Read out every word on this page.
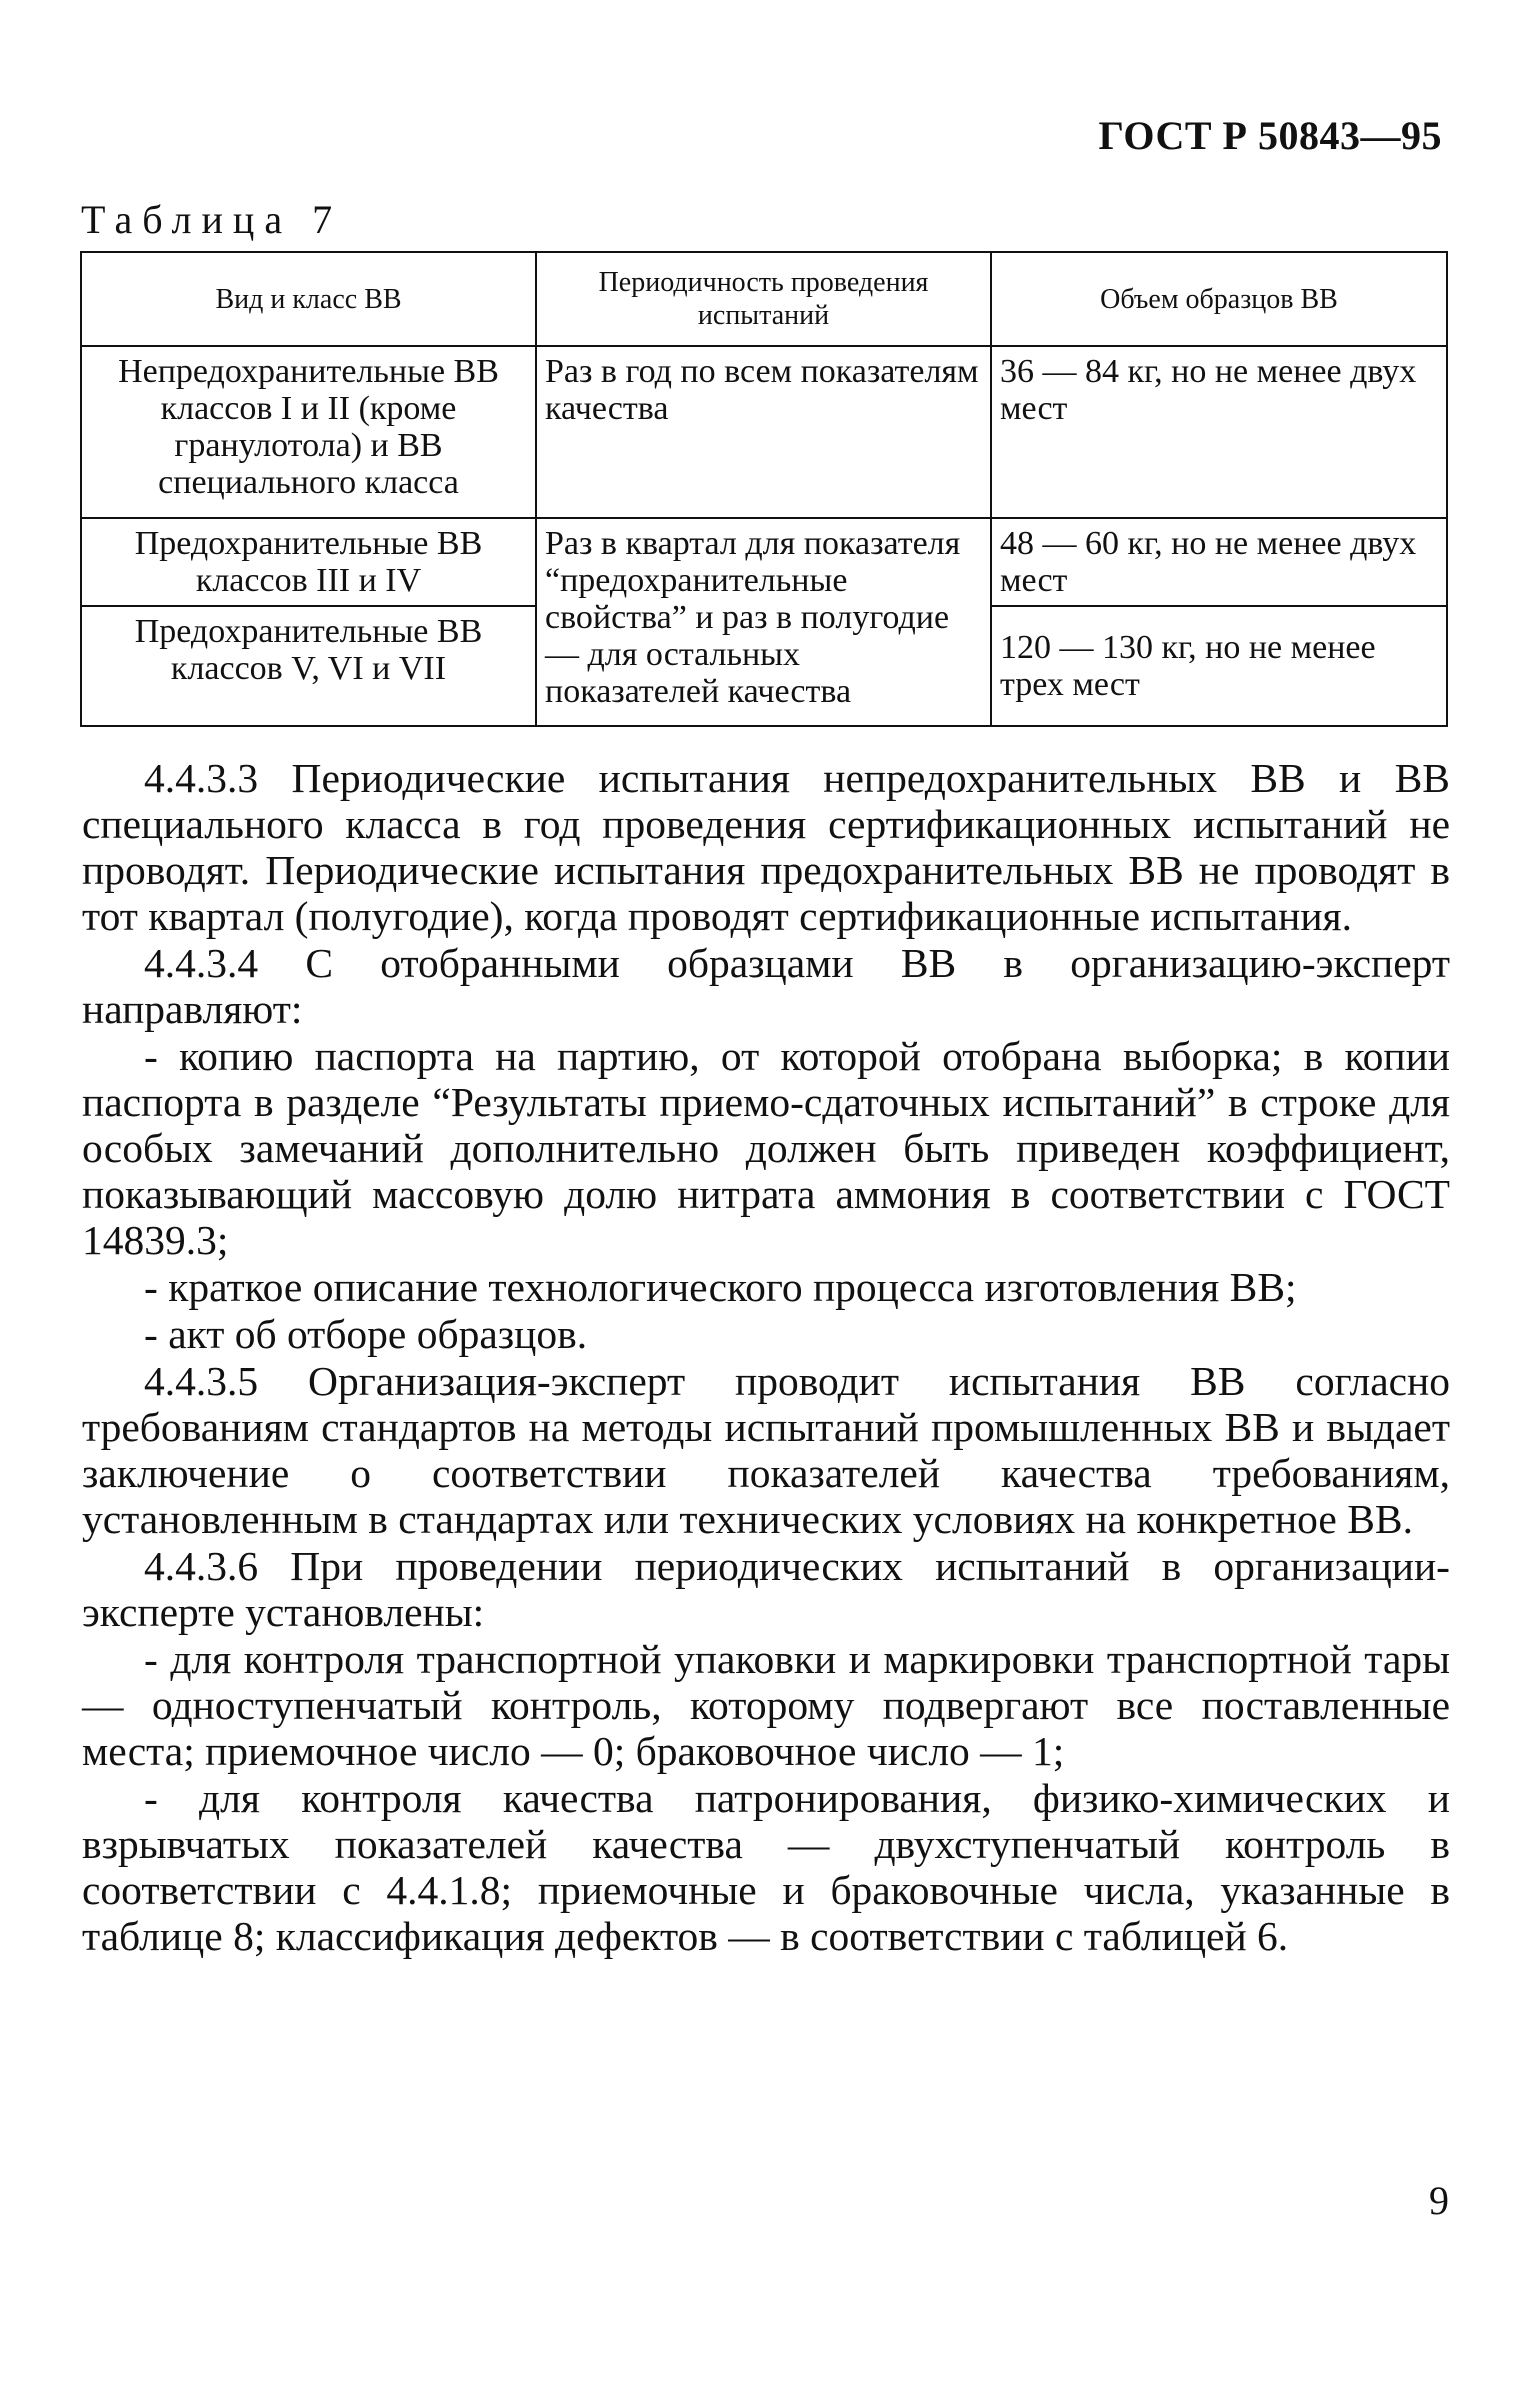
ГОСТ Р 50843—95
Таблица 7
Вид и класс ВВ	Периодичность проведения испытаний	Объем образцов ВВ
Непредохранительные ВВ классов I и II (кроме гранулотола) и ВВ специального класса	Раз в год по всем показателям качества	36 — 84 кг, но не менее двух мест
Предохранительные ВВ классов III и IV	Раз в квартал для показателя “предохранительные свойства” и раз в полугодие — для остальных показателей качества	48 — 60 кг, но не менее двух мест
Предохранительные ВВ классов V, VI и VII		120 — 130 кг, но не менее трех мест

4.4.3.3 Периодические испытания непредохранительных ВВ и ВВ специального класса в год проведения сертификационных испытаний не проводят. Периодические испытания предохранительных ВВ не проводят в тот квартал (полугодие), когда проводят сертификационные испытания.

4.4.3.4 С отобранными образцами ВВ в организацию-эксперт направляют:

- копию паспорта на партию, от которой отобрана выборка; в копии паспорта в разделе “Результаты приемо-сдаточных испытаний” в строке для особых замечаний дополнительно должен быть приведен коэффициент, показывающий массовую долю нитрата аммония в соответствии с ГОСТ 14839.3;

- краткое описание технологического процесса изготовления ВВ;

- акт об отборе образцов.

4.4.3.5 Организация-эксперт проводит испытания ВВ согласно требованиям стандартов на методы испытаний промышленных ВВ и выдает заключение о соответствии показателей качества требованиям, установленным в стандартах или технических условиях на конкретное ВВ.

4.4.3.6 При проведении периодических испытаний в организации-эксперте установлены:

- для контроля транспортной упаковки и маркировки транспортной тары — одноступенчатый контроль, которому подвергают все поставленные места; приемочное число — 0; браковочное число — 1;

- для контроля качества патронирования, физико-химических и взрывчатых показателей качества — двухступенчатый контроль в соответствии с 4.4.1.8; приемочные и браковочные числа, указанные в таблице 8; классификация дефектов — в соответствии с таблицей 6.

9
